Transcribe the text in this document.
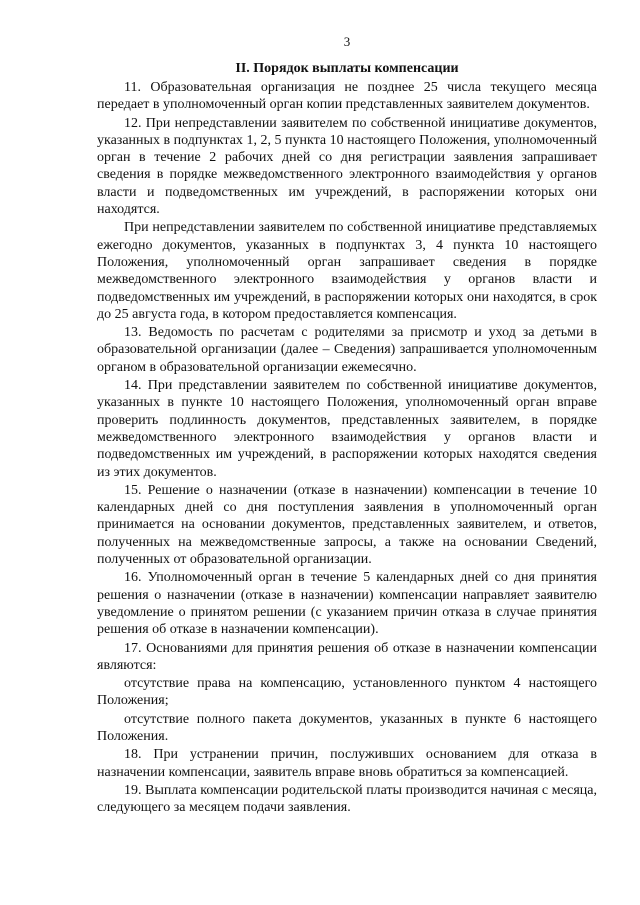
3
II. Порядок выплаты компенсации

11. Образовательная организация не позднее 25 числа текущего месяца передает в уполномоченный орган копии представленных заявителем документов.

12. При непредставлении заявителем по собственной инициативе документов, указанных в подпунктах 1, 2, 5 пункта 10 настоящего Положения, уполномоченный орган в течение 2 рабочих дней со дня регистрации заявления запрашивает сведения в порядке межведомственного электронного взаимодействия у органов власти и подведомственных им учреждений, в распоряжении которых они находятся.

При непредставлении заявителем по собственной инициативе представляемых ежегодно документов, указанных в подпунктах 3, 4 пункта 10 настоящего Положения, уполномоченный орган запрашивает сведения в порядке межведомственного электронного взаимодействия у органов власти и подведомственных им учреждений, в распоряжении которых они находятся, в срок до 25 августа года, в котором предоставляется компенсация.

13. Ведомость по расчетам с родителями за присмотр и уход за детьми в образовательной организации (далее – Сведения) запрашивается уполномоченным органом в образовательной организации ежемесячно.

14. При представлении заявителем по собственной инициативе документов, указанных в пункте 10 настоящего Положения, уполномоченный орган вправе проверить подлинность документов, представленных заявителем, в порядке межведомственного электронного взаимодействия у органов власти и подведомственных им учреждений, в распоряжении которых находятся сведения из этих документов.

15. Решение о назначении (отказе в назначении) компенсации в течение 10 календарных дней со дня поступления заявления в уполномоченный орган принимается на основании документов, представленных заявителем, и ответов, полученных на межведомственные запросы, а также на основании Сведений, полученных от образовательной организации.

16. Уполномоченный орган в течение 5 календарных дней со дня принятия решения о назначении (отказе в назначении) компенсации направляет заявителю уведомление о принятом решении (с указанием причин отказа в случае принятия решения об отказе в назначении компенсации).

17. Основаниями для принятия решения об отказе в назначении компенсации являются:

отсутствие права на компенсацию, установленного пунктом 4 настоящего Положения;

отсутствие полного пакета документов, указанных в пункте 6 настоящего Положения.

18. При устранении причин, послуживших основанием для отказа в назначении компенсации, заявитель вправе вновь обратиться за компенсацией.

19. Выплата компенсации родительской платы производится начиная с месяца, следующего за месяцем подачи заявления.
